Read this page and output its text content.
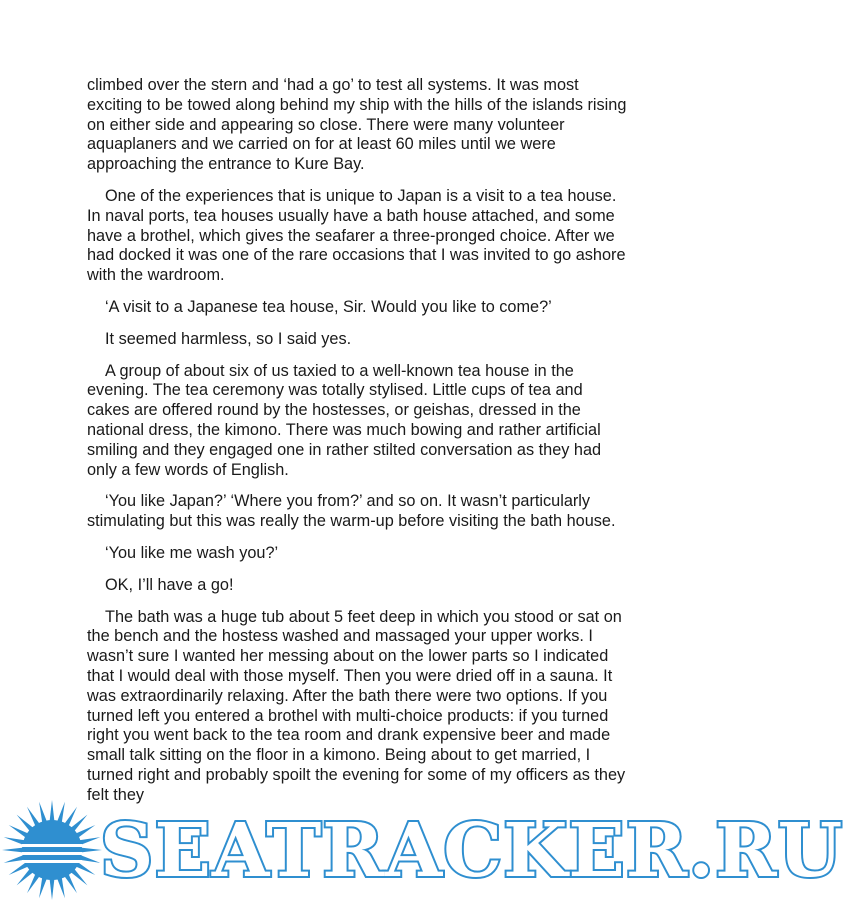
climbed over the stern and ‘had a go’ to test all systems. It was most exciting to be towed along behind my ship with the hills of the islands rising on either side and appearing so close. There were many volunteer aquaplaners and we carried on for at least 60 miles until we were approaching the entrance to Kure Bay.

One of the experiences that is unique to Japan is a visit to a tea house. In naval ports, tea houses usually have a bath house attached, and some have a brothel, which gives the seafarer a three-pronged choice. After we had docked it was one of the rare occasions that I was invited to go ashore with the wardroom.

‘A visit to a Japanese tea house, Sir. Would you like to come?’

It seemed harmless, so I said yes.

A group of about six of us taxied to a well-known tea house in the evening. The tea ceremony was totally stylised. Little cups of tea and cakes are offered round by the hostesses, or geishas, dressed in the national dress, the kimono. There was much bowing and rather artificial smiling and they engaged one in rather stilted conversation as they had only a few words of English.

‘You like Japan?’ ‘Where you from?’ and so on. It wasn’t particularly stimulating but this was really the warm-up before visiting the bath house.

‘You like me wash you?’

OK, I’ll have a go!

The bath was a huge tub about 5 feet deep in which you stood or sat on the bench and the hostess washed and massaged your upper works. I wasn’t sure I wanted her messing about on the lower parts so I indicated that I would deal with those myself. Then you were dried off in a sauna. It was extraordinarily relaxing. After the bath there were two options. If you turned left you entered a brothel with multi-choice products: if you turned right you went back to the tea room and drank expensive beer and made small talk sitting on the floor in a kimono. Being about to get married, I turned right and probably spoilt the evening for some of my officers as they felt they

SEATRACKER.RU
